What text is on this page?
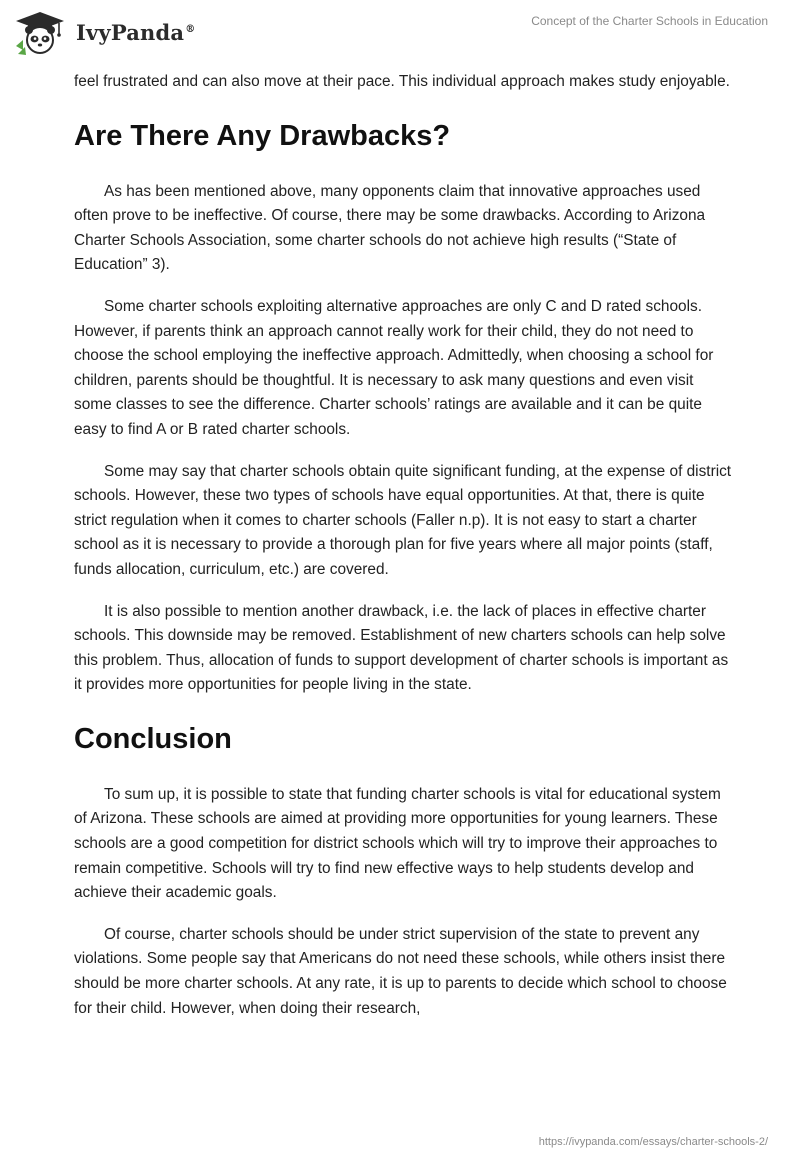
IvyPanda®
Concept of the Charter Schools in Education

feel frustrated and can also move at their pace. This individual approach makes study enjoyable.

Are There Any Drawbacks?

As has been mentioned above, many opponents claim that innovative approaches used often prove to be ineffective. Of course, there may be some drawbacks. According to Arizona Charter Schools Association, some charter schools do not achieve high results (“State of Education” 3).

Some charter schools exploiting alternative approaches are only C and D rated schools. However, if parents think an approach cannot really work for their child, they do not need to choose the school employing the ineffective approach. Admittedly, when choosing a school for children, parents should be thoughtful. It is necessary to ask many questions and even visit some classes to see the difference. Charter schools’ ratings are available and it can be quite easy to find A or B rated charter schools.

Some may say that charter schools obtain quite significant funding, at the expense of district schools. However, these two types of schools have equal opportunities. At that, there is quite strict regulation when it comes to charter schools (Faller n.p). It is not easy to start a charter school as it is necessary to provide a thorough plan for five years where all major points (staff, funds allocation, curriculum, etc.) are covered.

It is also possible to mention another drawback, i.e. the lack of places in effective charter schools. This downside may be removed. Establishment of new charters schools can help solve this problem. Thus, allocation of funds to support development of charter schools is important as it provides more opportunities for people living in the state.

Conclusion

To sum up, it is possible to state that funding charter schools is vital for educational system of Arizona. These schools are aimed at providing more opportunities for young learners. These schools are a good competition for district schools which will try to improve their approaches to remain competitive. Schools will try to find new effective ways to help students develop and achieve their academic goals.

Of course, charter schools should be under strict supervision of the state to prevent any violations. Some people say that Americans do not need these schools, while others insist there should be more charter schools. At any rate, it is up to parents to decide which school to choose for their child. However, when doing their research,

https://ivypanda.com/essays/charter-schools-2/
